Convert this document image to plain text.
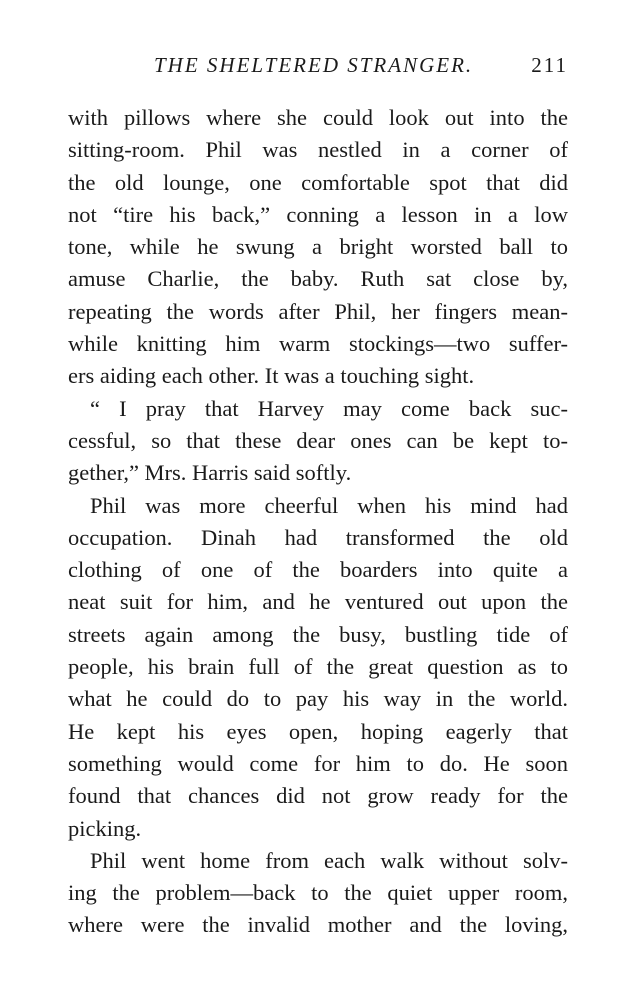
THE SHELTERED STRANGER.	211
with pillows where she could look out into the
sitting-room. Phil was nestled in a corner of
the old lounge, one comfortable spot that did
not “tire his back,” conning a lesson in a low
tone, while he swung a bright worsted ball to
amuse Charlie, the baby. Ruth sat close by,
repeating the words after Phil, her fingers mean-
while knitting him warm stockings—two suffer-
ers aiding each other. It was a touching sight.
“ I pray that Harvey may come back suc-
cessful, so that these dear ones can be kept to-
gether,” Mrs. Harris said softly.
Phil was more cheerful when his mind had
occupation. Dinah had transformed the old
clothing of one of the boarders into quite a
neat suit for him, and he ventured out upon the
streets again among the busy, bustling tide of
people, his brain full of the great question as to
what he could do to pay his way in the world.
He kept his eyes open, hoping eagerly that
something would come for him to do. He soon
found that chances did not grow ready for the
picking.
Phil went home from each walk without solv-
ing the problem—back to the quiet upper room,
where were the invalid mother and the loving,
